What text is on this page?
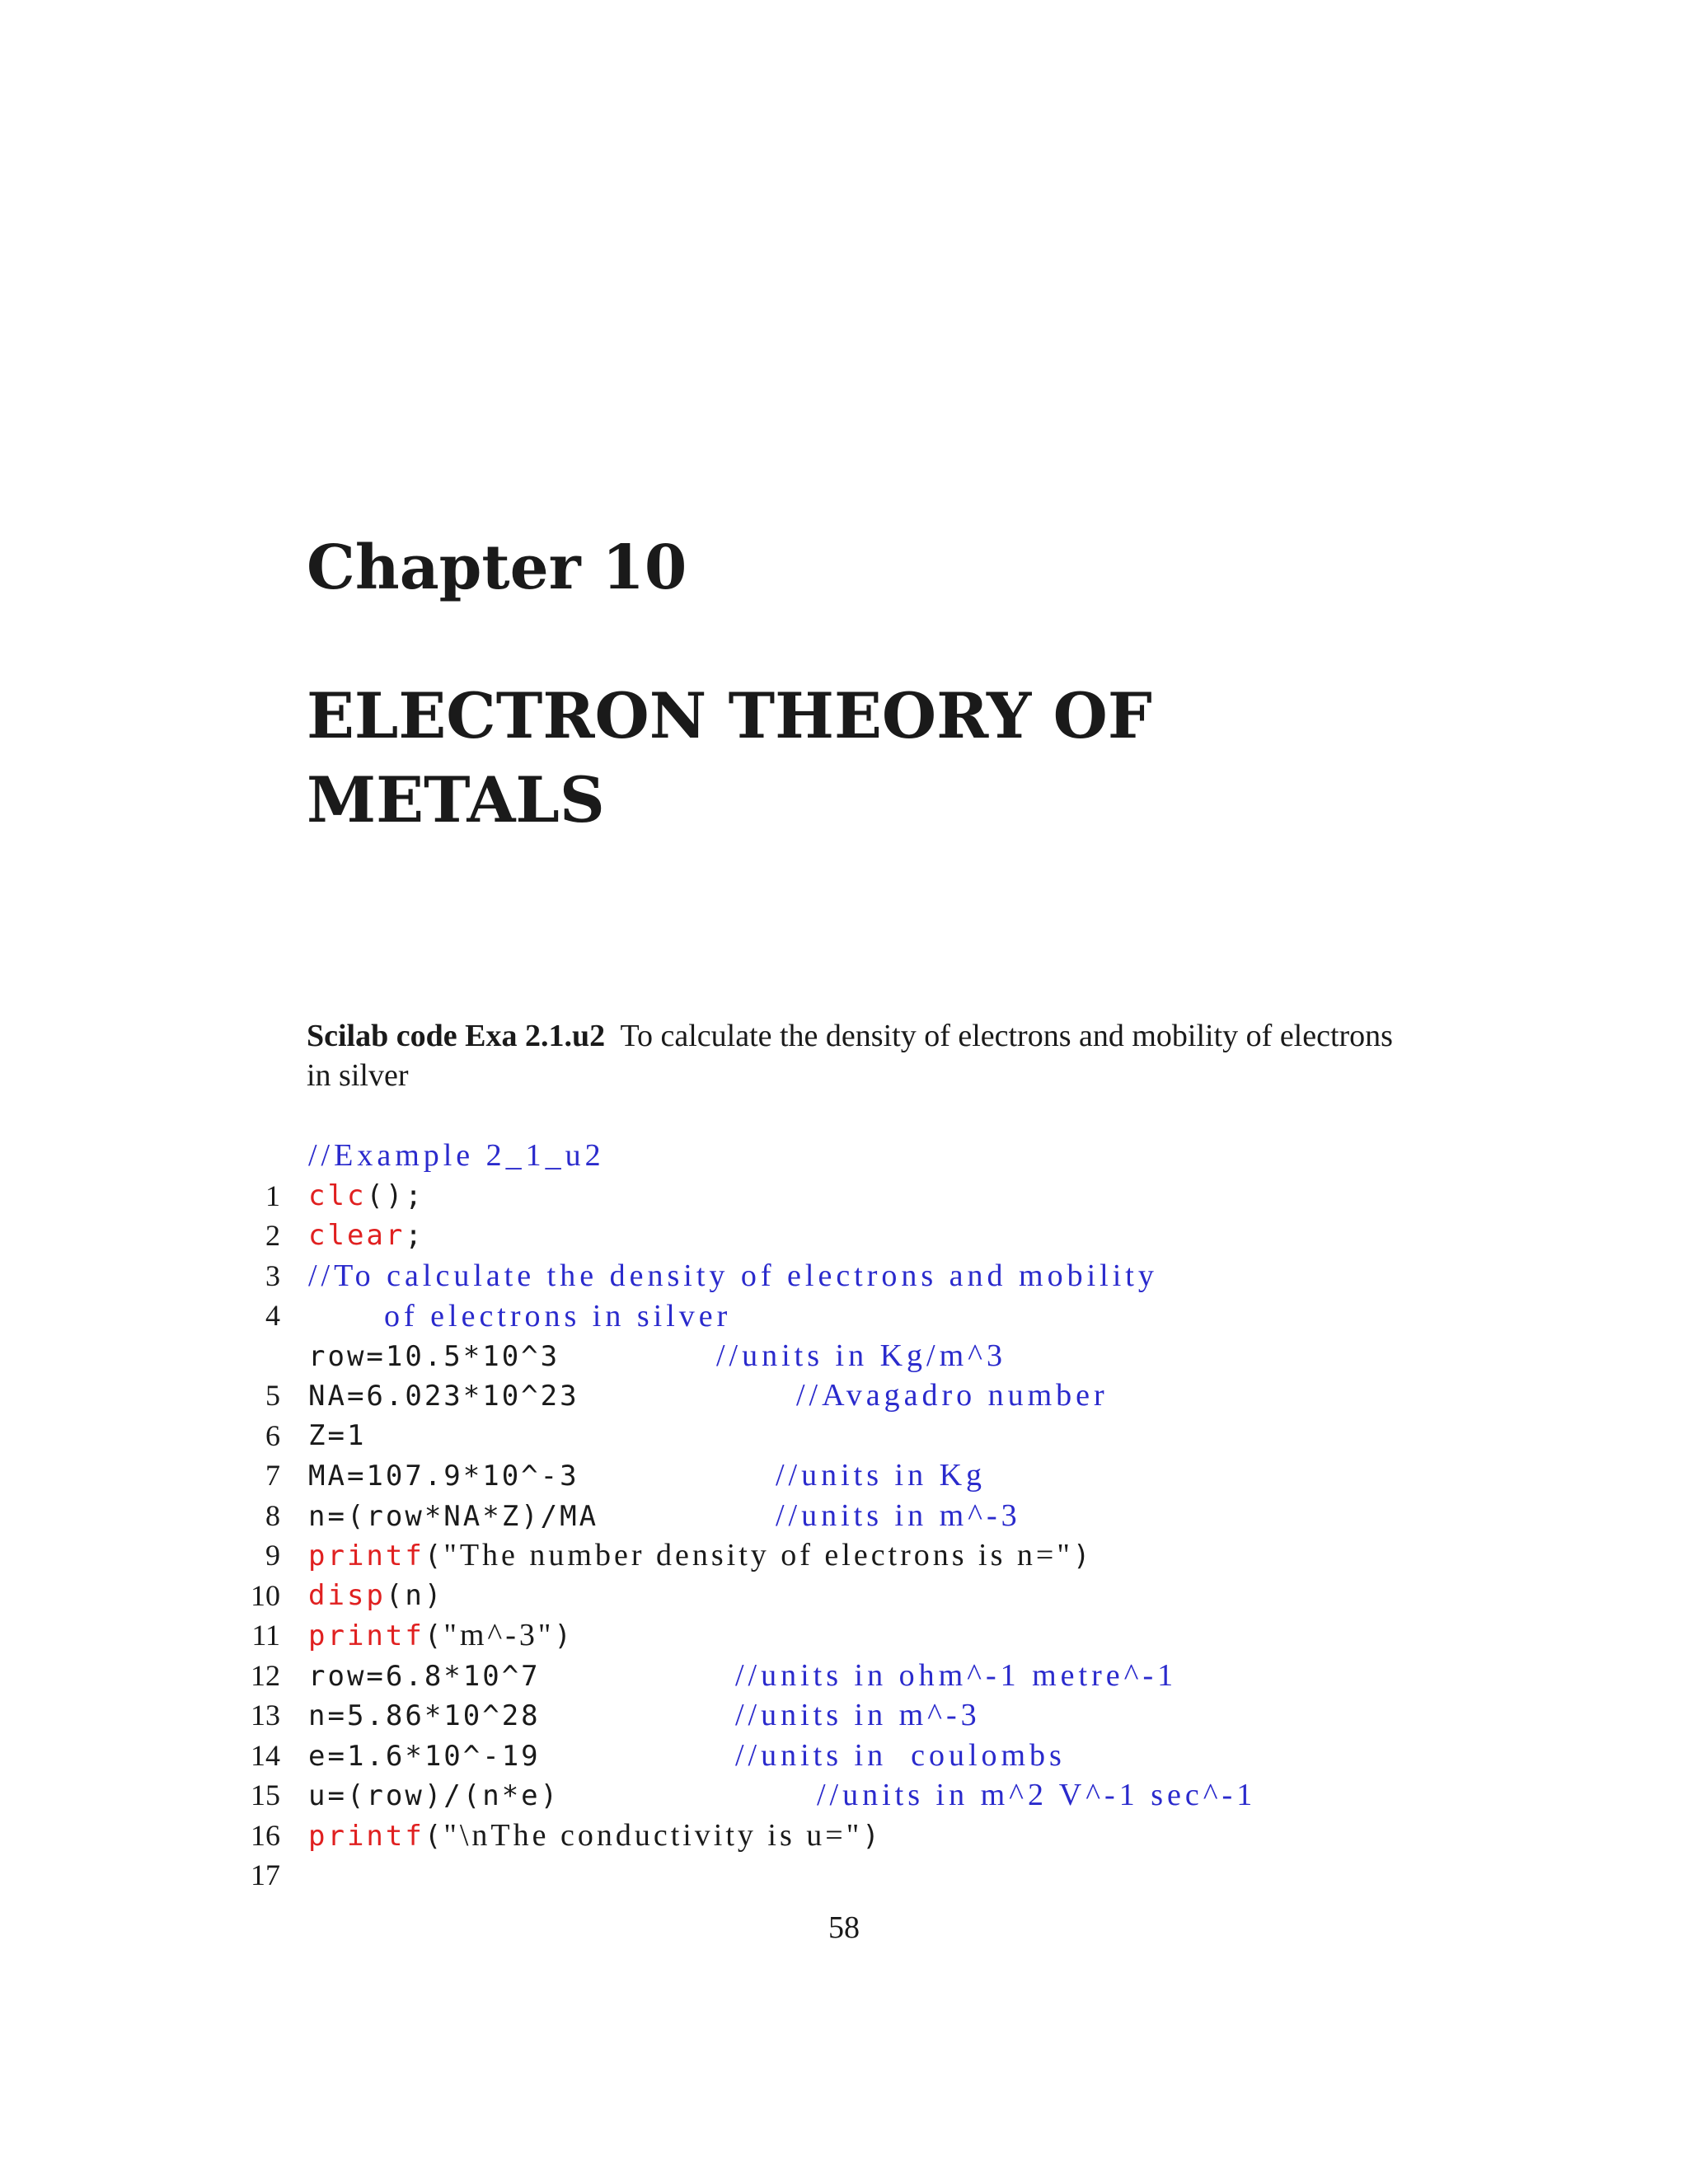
Chapter 10
ELECTRON THEORY OF METALS

Scilab code Exa 2.1.u2 To calculate the density of electrons and mobility of electrons in silver

1

//Example 2_1_u2

2

clc();

3

clear;

4

//To calculate the density of electrons and mobility
of electrons in silver

5

row=10.5*10^3	//units in Kg/m^3

6

NA=6.023*10^23	//Avagadro number

7

Z=1

8

MA=107.9*10^-3	//units in Kg

9

n=(row*NA*Z)/MA	//units in m^-3

10

printf("The number density of electrons is n=")

11

disp(n)

12

printf("m^-3")

13

row=6.8*10^7	//units in ohm^-1 metre^-1

14

n=5.86*10^28	//units in m^-3

15

e=1.6*10^-19	//units in  coulombs

16

u=(row)/(n*e)	//units in m^2 V^-1 sec^-1

17

printf("\nThe conductivity is u=")

58
